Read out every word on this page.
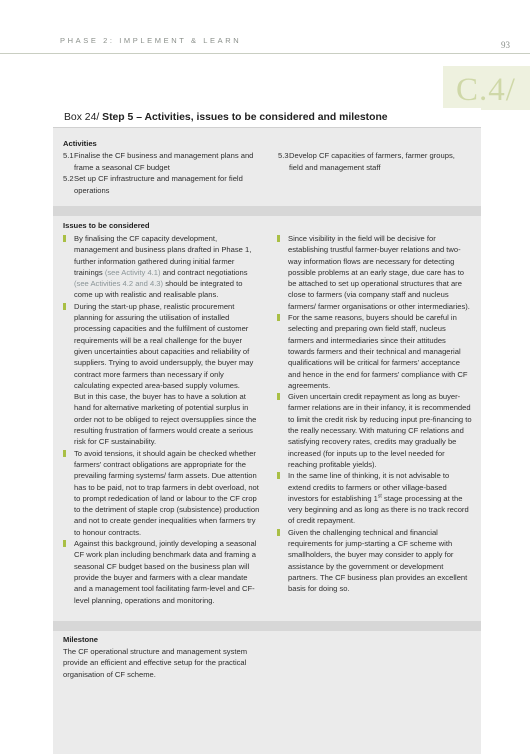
PHASE 2: IMPLEMENT & LEARN	93
C.4/
Box 24/ Step 5 – Activities, issues to be considered and milestone
Activities
5.1 Finalise the CF business and management plans and frame a seasonal CF budget
5.2 Set up CF infrastructure and management for field operations
5.3 Develop CF capacities of farmers, farmer groups, field and management staff
Issues to be considered
By finalising the CF capacity development, management and business plans drafted in Phase 1, further information gathered during initial farmer trainings (see Activity 4.1) and contract negotiations (see Activities 4.2 and 4.3) should be integrated to come up with realistic and realisable plans.
During the start-up phase, realistic procurement planning for assuring the utilisation of installed processing capacities and the fulfilment of customer requirements will be a real challenge for the buyer given uncertainties about capacities and reliability of suppliers. Trying to avoid undersupply, the buyer may contract more farmers than necessary if only calculating expected area-based supply volumes.
But in this case, the buyer has to have a solution at hand for alternative marketing of potential surplus in order not to be obliged to reject oversupplies since the resulting frustration of farmers would create a serious risk for CF sustainability.
To avoid tensions, it should again be checked whether farmers’ contract obligations are appropriate for the prevailing farming systems/ farm assets. Due attention has to be paid, not to trap farmers in debt overload, not to prompt rededication of land or labour to the CF crop to the detriment of staple crop (subsistence) production and not to create gender inequalities when farmers try to honour contracts.
Against this background, jointly developing a seasonal CF work plan including benchmark data and framing a seasonal CF budget based on the business plan will provide the buyer and farmers with a clear mandate and a management tool facilitating farm-level and CF-level planning, operations and monitoring.
Since visibility in the field will be decisive for establishing trustful farmer-buyer relations and two-way information flows are necessary for detecting possible problems at an early stage, due care has to be attached to set up operational structures that are close to farmers (via company staff and nucleus farmers/ farmer organisations or other intermediaries).
For the same reasons, buyers should be careful in selecting and preparing own field staff, nucleus farmers and intermediaries since their attitudes towards farmers and their technical and managerial qualifications will be critical for farmers’ acceptance and hence in the end for farmers’ compliance with CF agreements.
Given uncertain credit repayment as long as buyer-farmer relations are in their infancy, it is recommended to limit the credit risk by reducing input pre-financing to the really necessary. With maturing CF relations and satisfying recovery rates, credits may gradually be increased (for inputs up to the level needed for reaching profitable yields).
In the same line of thinking, it is not advisable to extend credits to farmers or other village-based investors for establishing 1st stage processing at the very beginning and as long as there is no track record of credit repayment.
Given the challenging technical and financial requirements for jump-starting a CF scheme with smallholders, the buyer may consider to apply for assistance by the government or development partners. The CF business plan provides an excellent basis for doing so.
Milestone
The CF operational structure and management system provide an efficient and effective setup for the practical organisation of CF scheme.
